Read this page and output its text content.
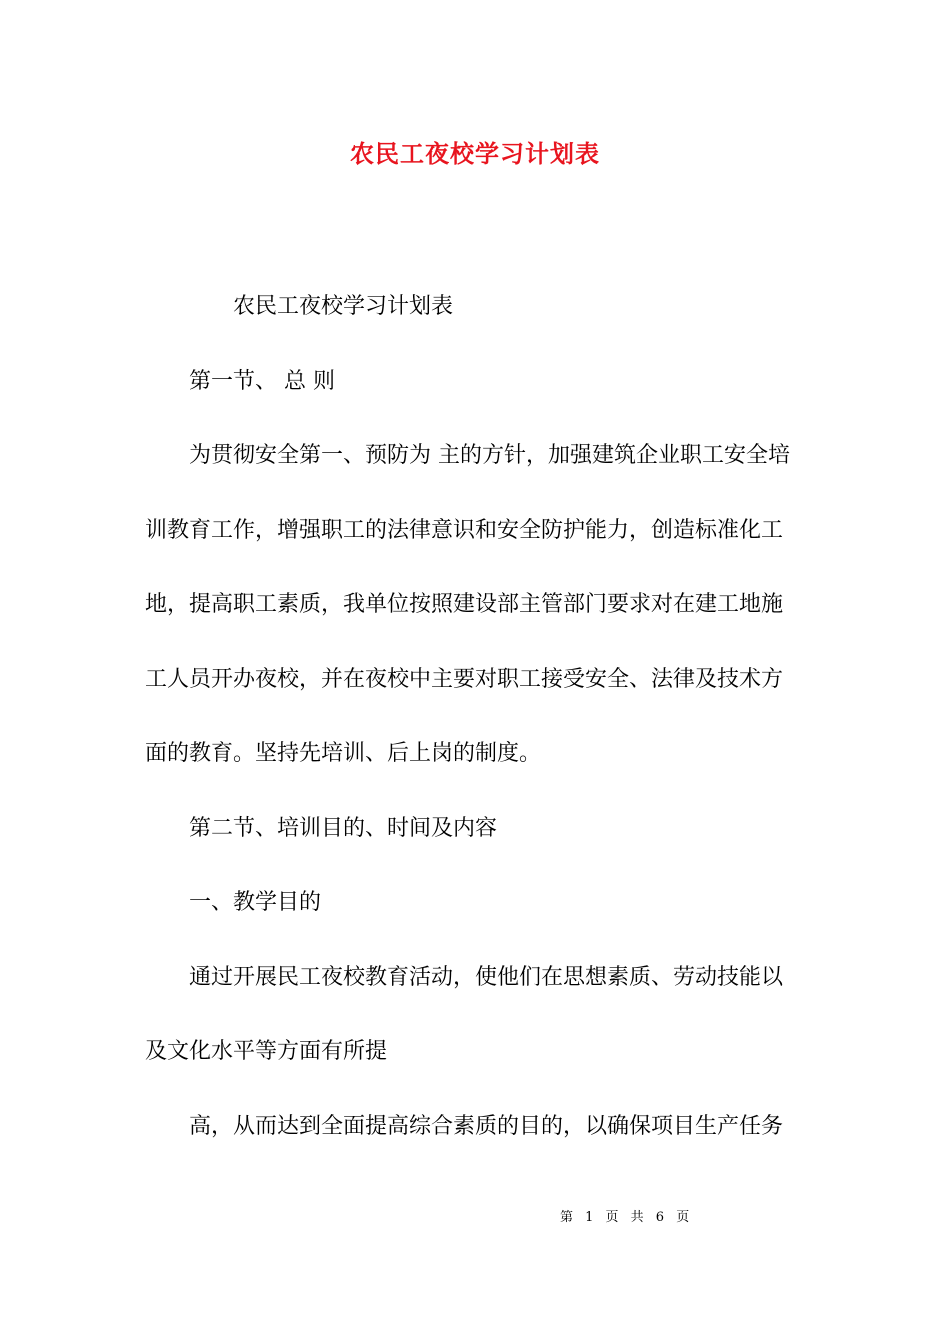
农民工夜校学习计划表

农民工夜校学习计划表

第一节、 总 则

为贯彻安全第一、预防为 主的方针，加强建筑企业职工安全培

训教育工作，增强职工的法律意识和安全防护能力，创造标准化工

地，提高职工素质，我单位按照建设部主管部门要求对在建工地施

工人员开办夜校，并在夜校中主要对职工接受安全、法律及技术方

面的教育。坚持先培训、后上岗的制度。

第二节、培训目的、时间及内容

一、教学目的

通过开展民工夜校教育活动，使他们在思想素质、劳动技能以

及文化水平等方面有所提

高，从而达到全面提高综合素质的目的，以确保项目生产任务

第 1 页 共 6 页
